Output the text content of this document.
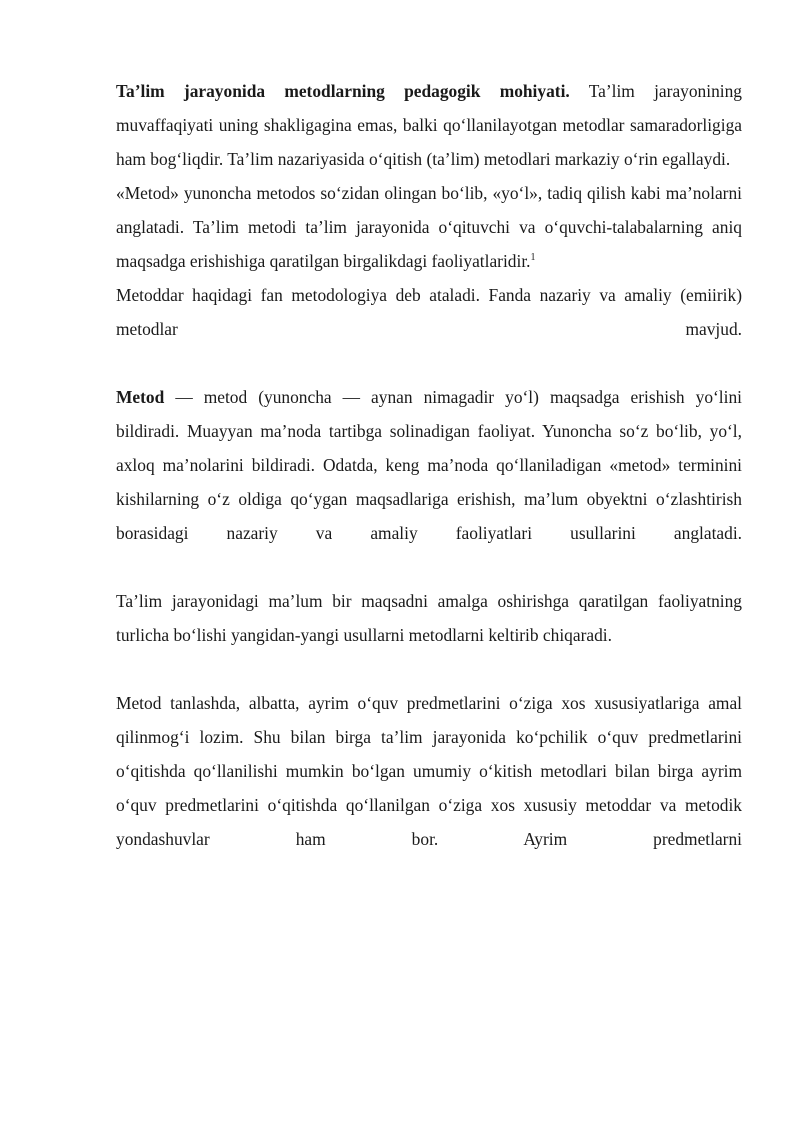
Ta’lim jarayonida metodlarning pedagogik mohiyati. Ta’lim jarayonining muvaffaqiyati uning shakligagina emas, balki qo‘llanilayotgan metodlar samaradorligiga ham bog‘liqdir. Ta’lim nazariyasida o‘qitish (ta’lim) metodlari markaziy o‘rin egallaydi.

«Metod» yunoncha metodos so‘zidan olingan bo‘lib, «yo‘l», tadiq qilish kabi ma’nolarni anglatadi. Ta’lim metodi ta’lim jarayonida o‘qituvchi va o‘quvchi-talabalarning aniq maqsadga erishishiga qaratilgan birgalikdagi faoliyatlaridir.$^1$

Metoddar haqidagi fan metodologiya deb ataladi. Fanda nazariy va amaliy (emiirik) metodlar mavjud.

Metod — metod (yunoncha — aynan nimagadir yo‘l) maqsadga erishish yo‘lini bildiradi. Muayyan ma’noda tartibga solinadigan faoliyat. Yunoncha so‘z bo‘lib, yo‘l, axloq ma’nolarini bildiradi. Odatda, keng ma’noda qo‘llaniladigan «metod» terminini kishilarning o‘z oldiga qo‘ygan maqsadlariga erishish, ma’lum obyektni o‘zlashtirish borasidagi nazariy va amaliy faoliyatlari usullarini anglatadi.

Ta’lim jarayonidagi ma’lum bir maqsadni amalga oshirishga qaratilgan faoliyatning turlicha bo‘lishi yangidan-yangi usullarni metodlarni keltirib chiqaradi.

Metod tanlashda, albatta, ayrim o‘quv predmetlarini o‘ziga xos xususiyatlariga amal qilinmog‘i lozim. Shu bilan birga ta’lim jarayonida ko‘pchilik o‘quv predmetlarini o‘qitishda qo‘llanilishi mumkin bo‘lgan umumiy o‘kitish metodlari bilan birga ayrim o‘quv predmetlarini o‘qitishda qo‘llanilgan o‘ziga xos xususiy metoddar va metodik yondashuvlar ham bor. Ayrim predmetlarni
